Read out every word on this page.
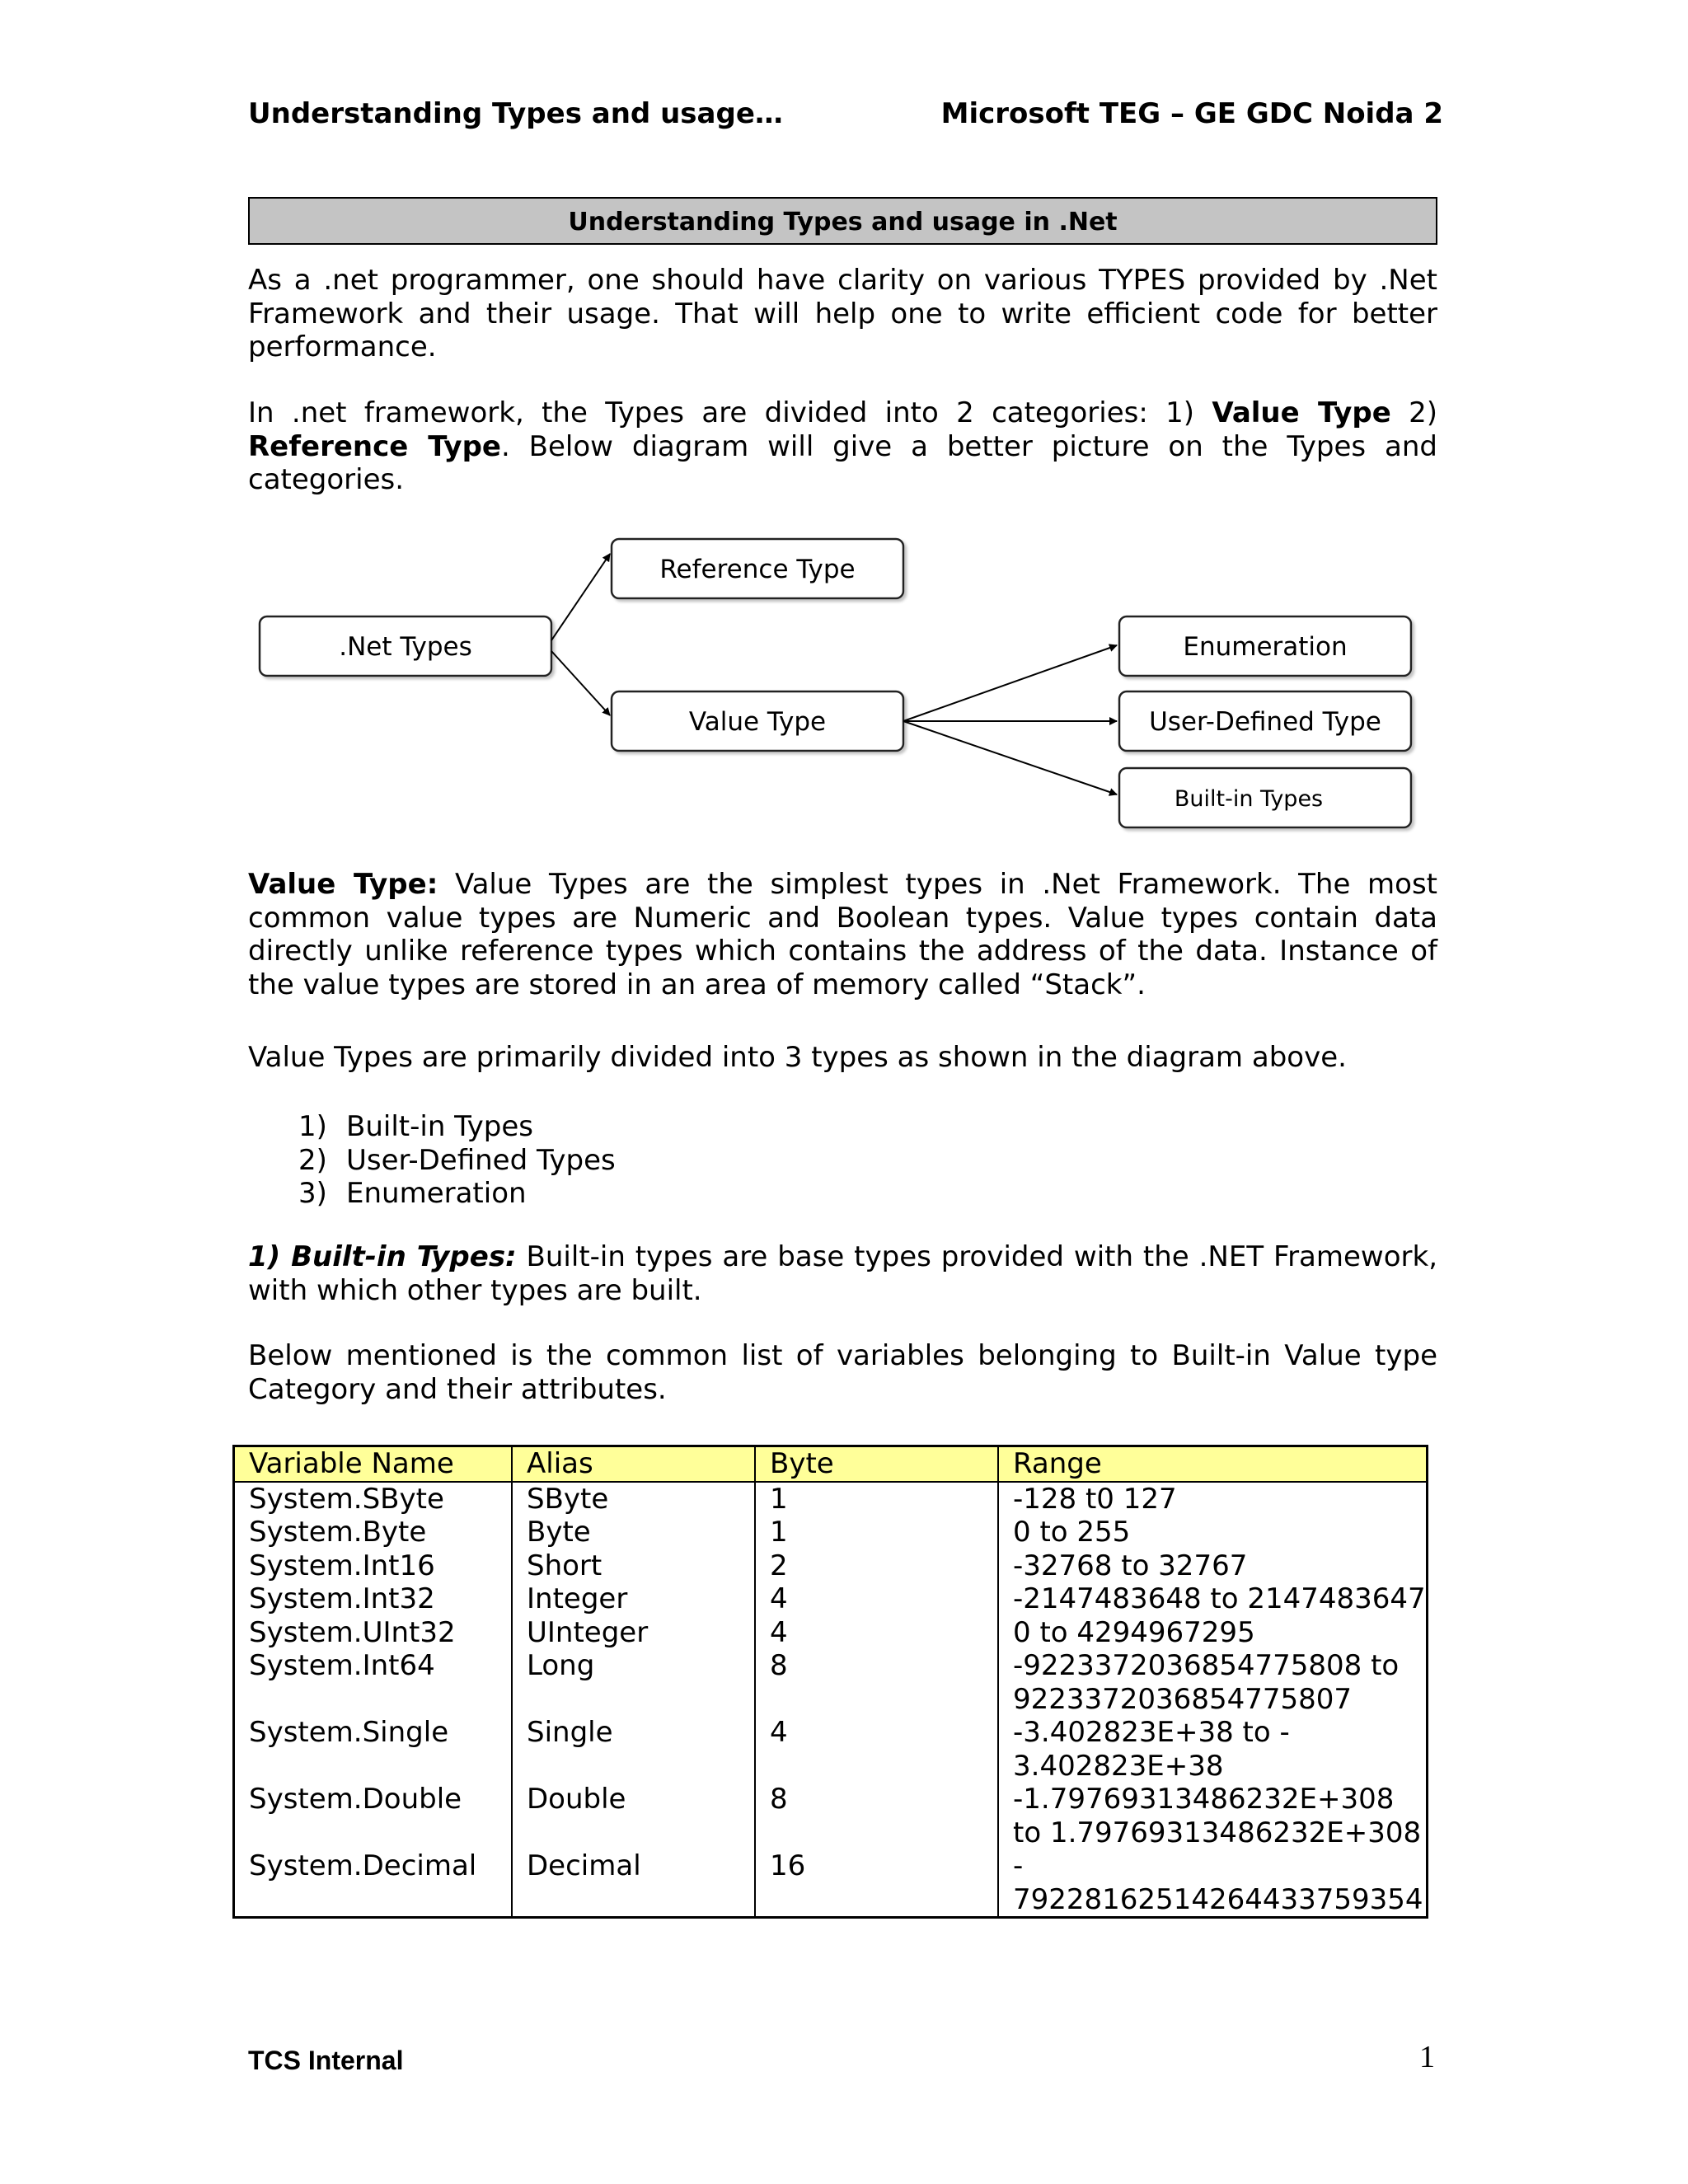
Understanding Types and usage…	Microsoft TEG – GE GDC Noida 2
Understanding Types and usage in .Net

As a .net programmer, one should have clarity on various TYPES provided by .Net Framework and their usage. That will help one to write efficient code for better performance.

In .net framework, the Types are divided into 2 categories: 1) Value Type 2) Reference Type. Below diagram will give a better picture on the Types and categories.

.Net Types
Reference Type
Value Type
Enumeration
User-Defined Type
Built-in Types

Value Type: Value Types are the simplest types in .Net Framework. The most common value types are Numeric and Boolean types. Value types contain data directly unlike reference types which contains the address of the data. Instance of the value types are stored in an area of memory called “Stack”.

Value Types are primarily divided into 3 types as shown in the diagram above.

1) Built-in Types
2) User-Defined Types
3) Enumeration

1) Built-in Types: Built-in types are base types provided with the .NET Framework, with which other types are built.

Below mentioned is the common list of variables belonging to Built-in Value type Category and their attributes.

Variable Name	Alias	Byte	Range
System.SByte	SByte	1	-128 t0 127
System.Byte	Byte	1	0 to 255
System.Int16	Short	2	-32768 to 32767
System.Int32	Integer	4	-2147483648 to 2147483647
System.UInt32	UInteger	4	0 to 4294967295
System.Int64	Long	8	-9223372036854775808 to 9223372036854775807
System.Single	Single	4	-3.402823E+38 to - 3.402823E+38
System.Double	Double	8	-1.79769313486232E+308 to 1.79769313486232E+308
System.Decimal	Decimal	16	- 79228162514264433759354
TCS Internal	1
